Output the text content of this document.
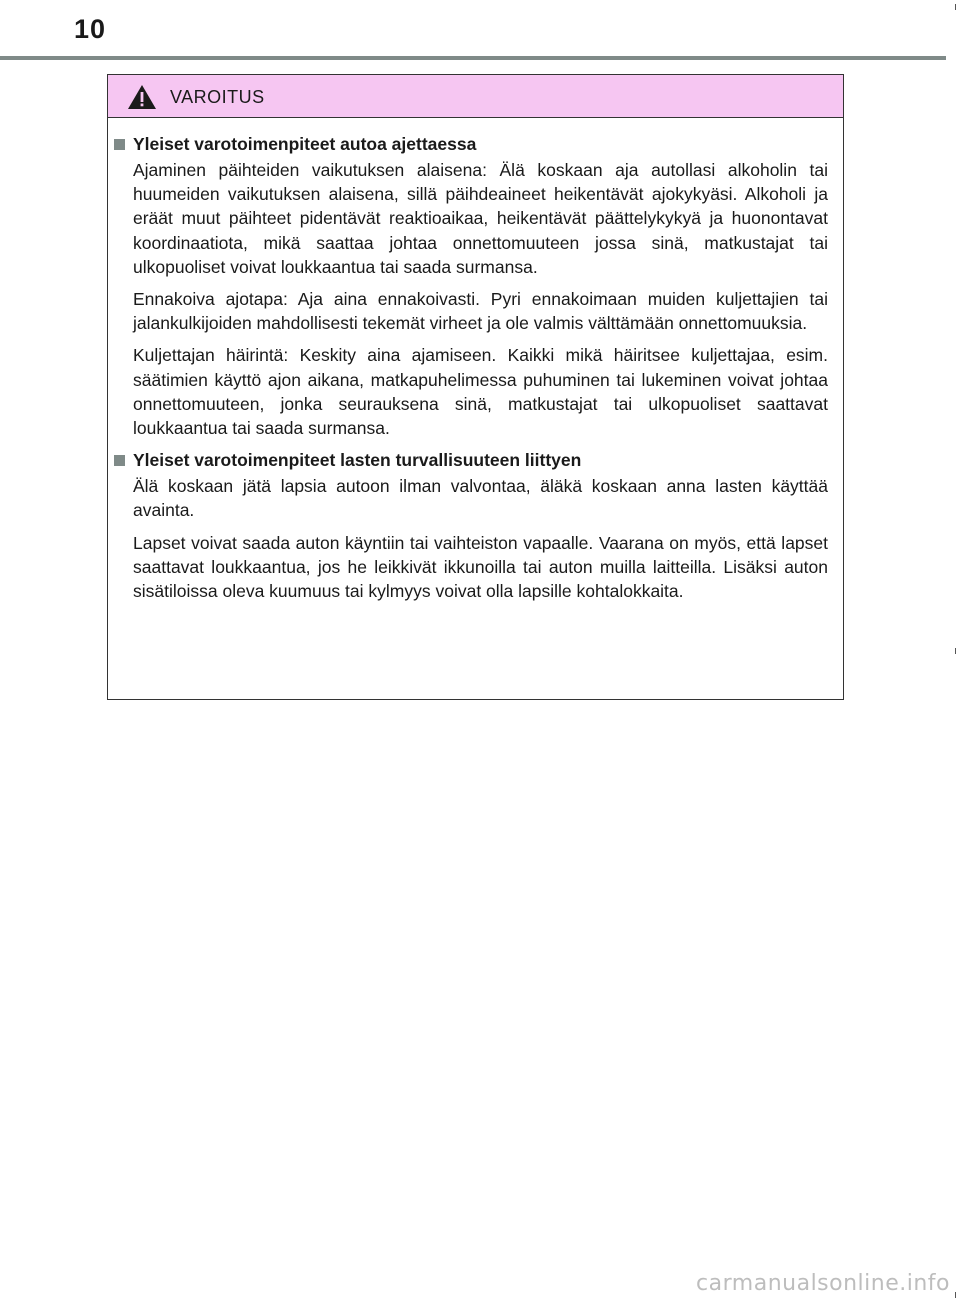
10
VAROITUS
Yleiset varotoimenpiteet autoa ajettaessa

Ajaminen päihteiden vaikutuksen alaisena: Älä koskaan aja autollasi alkoholin tai huumeiden vaikutuksen alaisena, sillä päihdeaineet heikentävät ajokykyäsi. Alkoholi ja eräät muut päihteet pidentävät reaktioaikaa, heikentävät päättelykykyä ja huonontavat koordinaatiota, mikä saattaa johtaa onnettomuuteen jossa sinä, matkustajat tai ulkopuoliset voivat loukkaantua tai saada surmansa.

Ennakoiva ajotapa: Aja aina ennakoivasti. Pyri ennakoimaan muiden kuljettajien tai jalankulkijoiden mahdollisesti tekemät virheet ja ole valmis välttämään onnettomuuksia.

Kuljettajan häirintä: Keskity aina ajamiseen. Kaikki mikä häiritsee kuljettajaa, esim. säätimien käyttö ajon aikana, matkapuhelimessa puhuminen tai lukeminen voivat johtaa onnettomuuteen, jonka seurauksena sinä, matkustajat tai ulkopuoliset saattavat loukkaantua tai saada surmansa.

Yleiset varotoimenpiteet lasten turvallisuuteen liittyen

Älä koskaan jätä lapsia autoon ilman valvontaa, äläkä koskaan anna lasten käyttää avainta.

Lapset voivat saada auton käyntiin tai vaihteiston vapaalle. Vaarana on myös, että lapset saattavat loukkaantua, jos he leikkivät ikkunoilla tai auton muilla laitteilla. Lisäksi auton sisätiloissa oleva kuumuus tai kylmyys voivat olla lapsille kohtalokkaita.

carmanualsonline.info
